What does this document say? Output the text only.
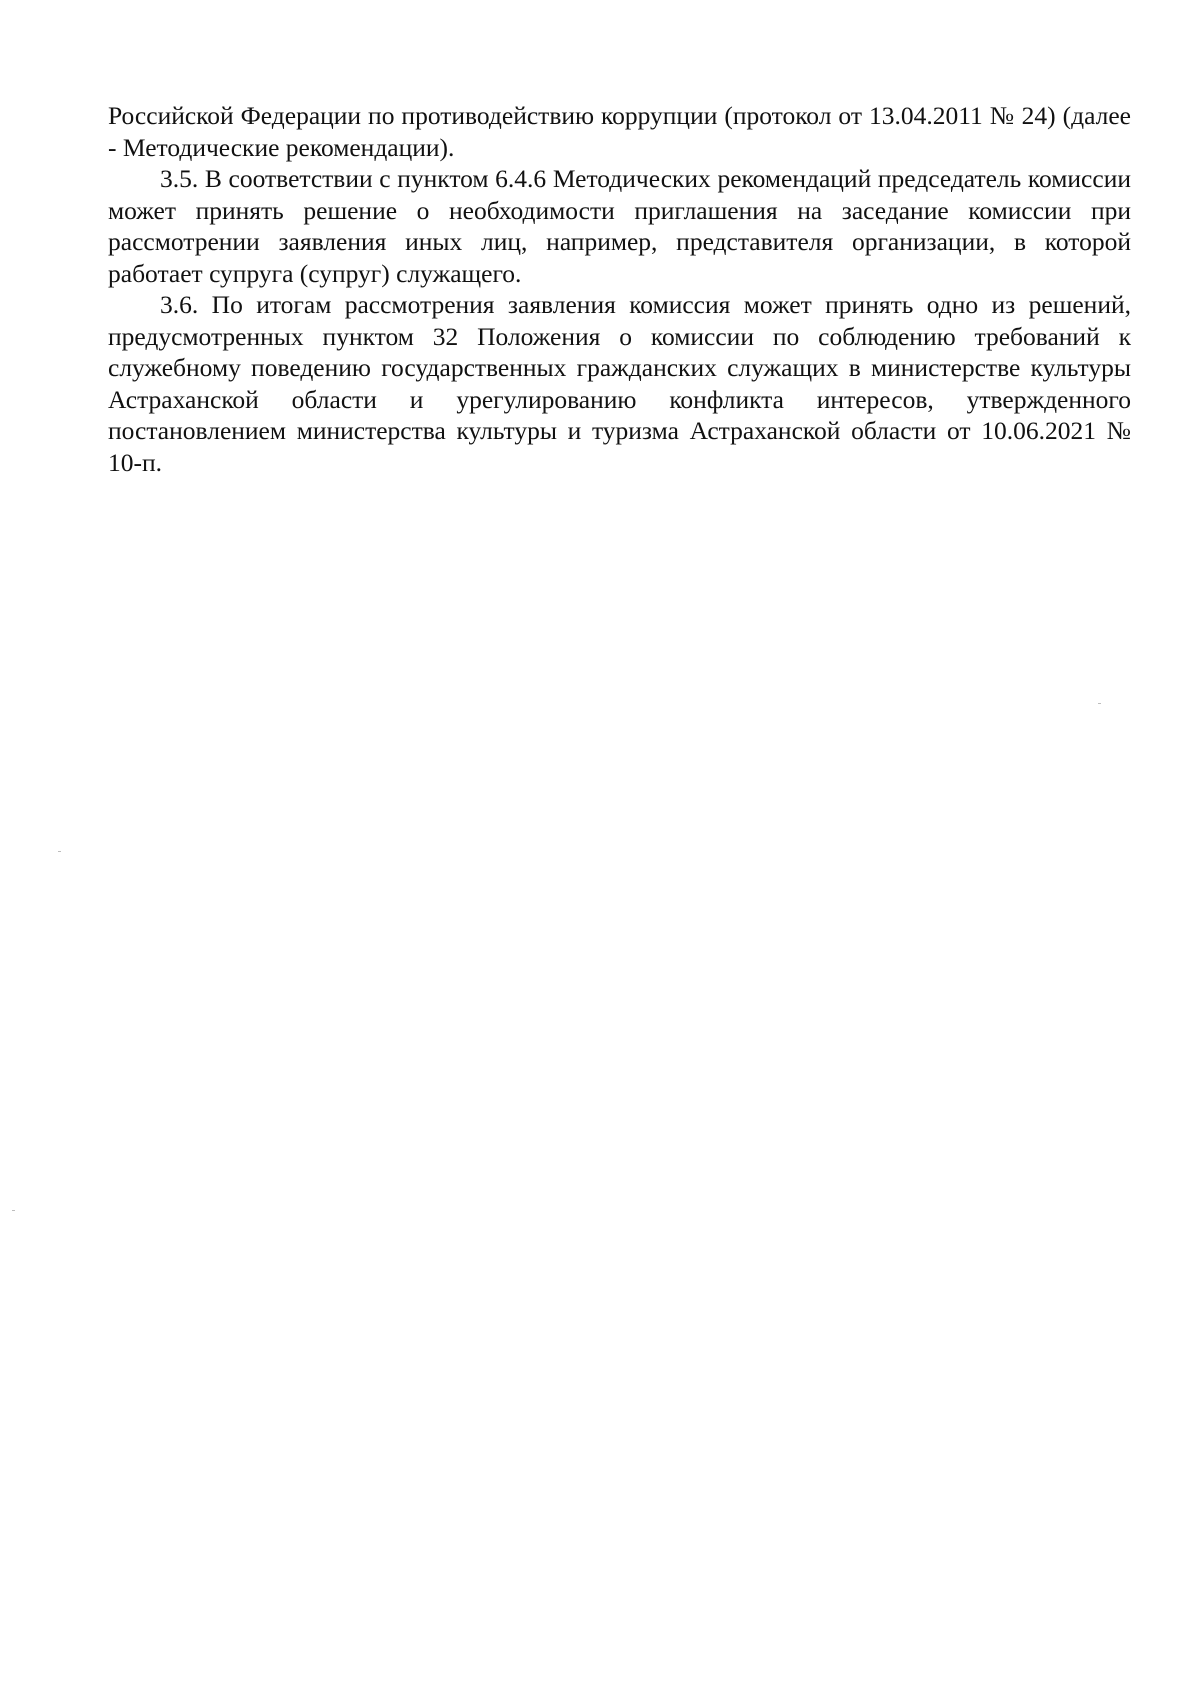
Российской Федерации по противодействию коррупции (протокол от 13.04.2011 № 24) (далее - Методические рекомендации).

3.5. В соответствии с пунктом 6.4.6 Методических рекомендаций председатель комиссии может принять решение о необходимости приглашения на заседание комиссии при рассмотрении заявления иных лиц, например, представителя организации, в которой работает супруга (супруг) служащего.

3.6. По итогам рассмотрения заявления комиссия может принять одно из решений, предусмотренных пунктом 32 Положения о комиссии по соблюдению требований к служебному поведению государственных гражданских служащих в министерстве культуры Астраханской области и урегулированию конфликта интересов, утвержденного постановлением министерства культуры и туризма Астраханской области от 10.06.2021 № 10-п.
